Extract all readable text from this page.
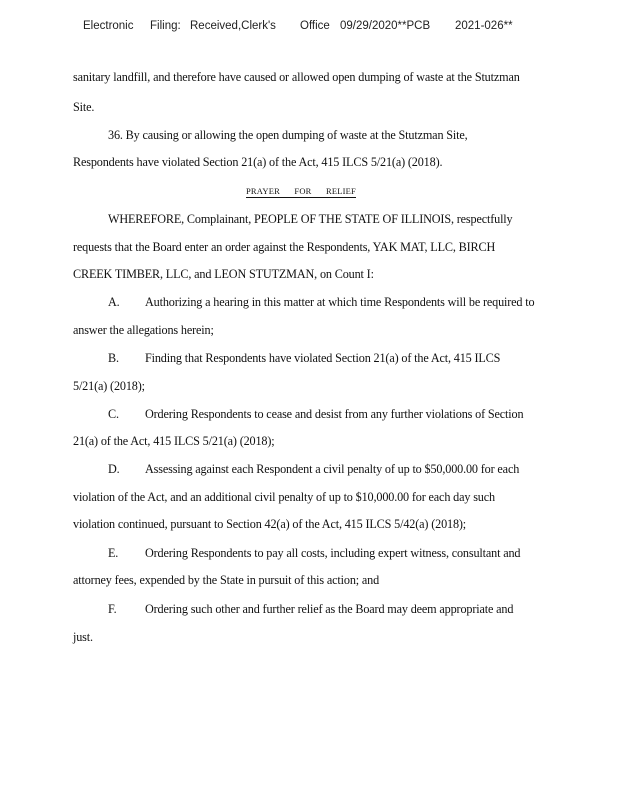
Electronic Filing: Received,Clerk's Office 09/29/2020**PCB 2021-026**
sanitary landfill, and therefore have caused or allowed open dumping of waste at the Stutzman
Site.
36. By causing or allowing the open dumping of waste at the Stutzman Site,
Respondents have violated Section 21(a) of the Act, 415 ILCS 5/21(a) (2018).
PRAYER FOR RELIEF
WHEREFORE, Complainant, PEOPLE OF THE STATE OF ILLINOIS, respectfully
requests that the Board enter an order against the Respondents, YAK MAT, LLC, BIRCH
CREEK TIMBER, LLC, and LEON STUTZMAN, on Count I:
A. Authorizing a hearing in this matter at which time Respondents will be required to
answer the allegations herein;
B. Finding that Respondents have violated Section 21(a) of the Act, 415 ILCS
5/21(a) (2018);
C. Ordering Respondents to cease and desist from any further violations of Section
21(a) of the Act, 415 ILCS 5/21(a) (2018);
D. Assessing against each Respondent a civil penalty of up to $50,000.00 for each
violation of the Act, and an additional civil penalty of up to $10,000.00 for each day such
violation continued, pursuant to Section 42(a) of the Act, 415 ILCS 5/42(a) (2018);
E. Ordering Respondents to pay all costs, including expert witness, consultant and
attorney fees, expended by the State in pursuit of this action; and
F. Ordering such other and further relief as the Board may deem appropriate and
just.
